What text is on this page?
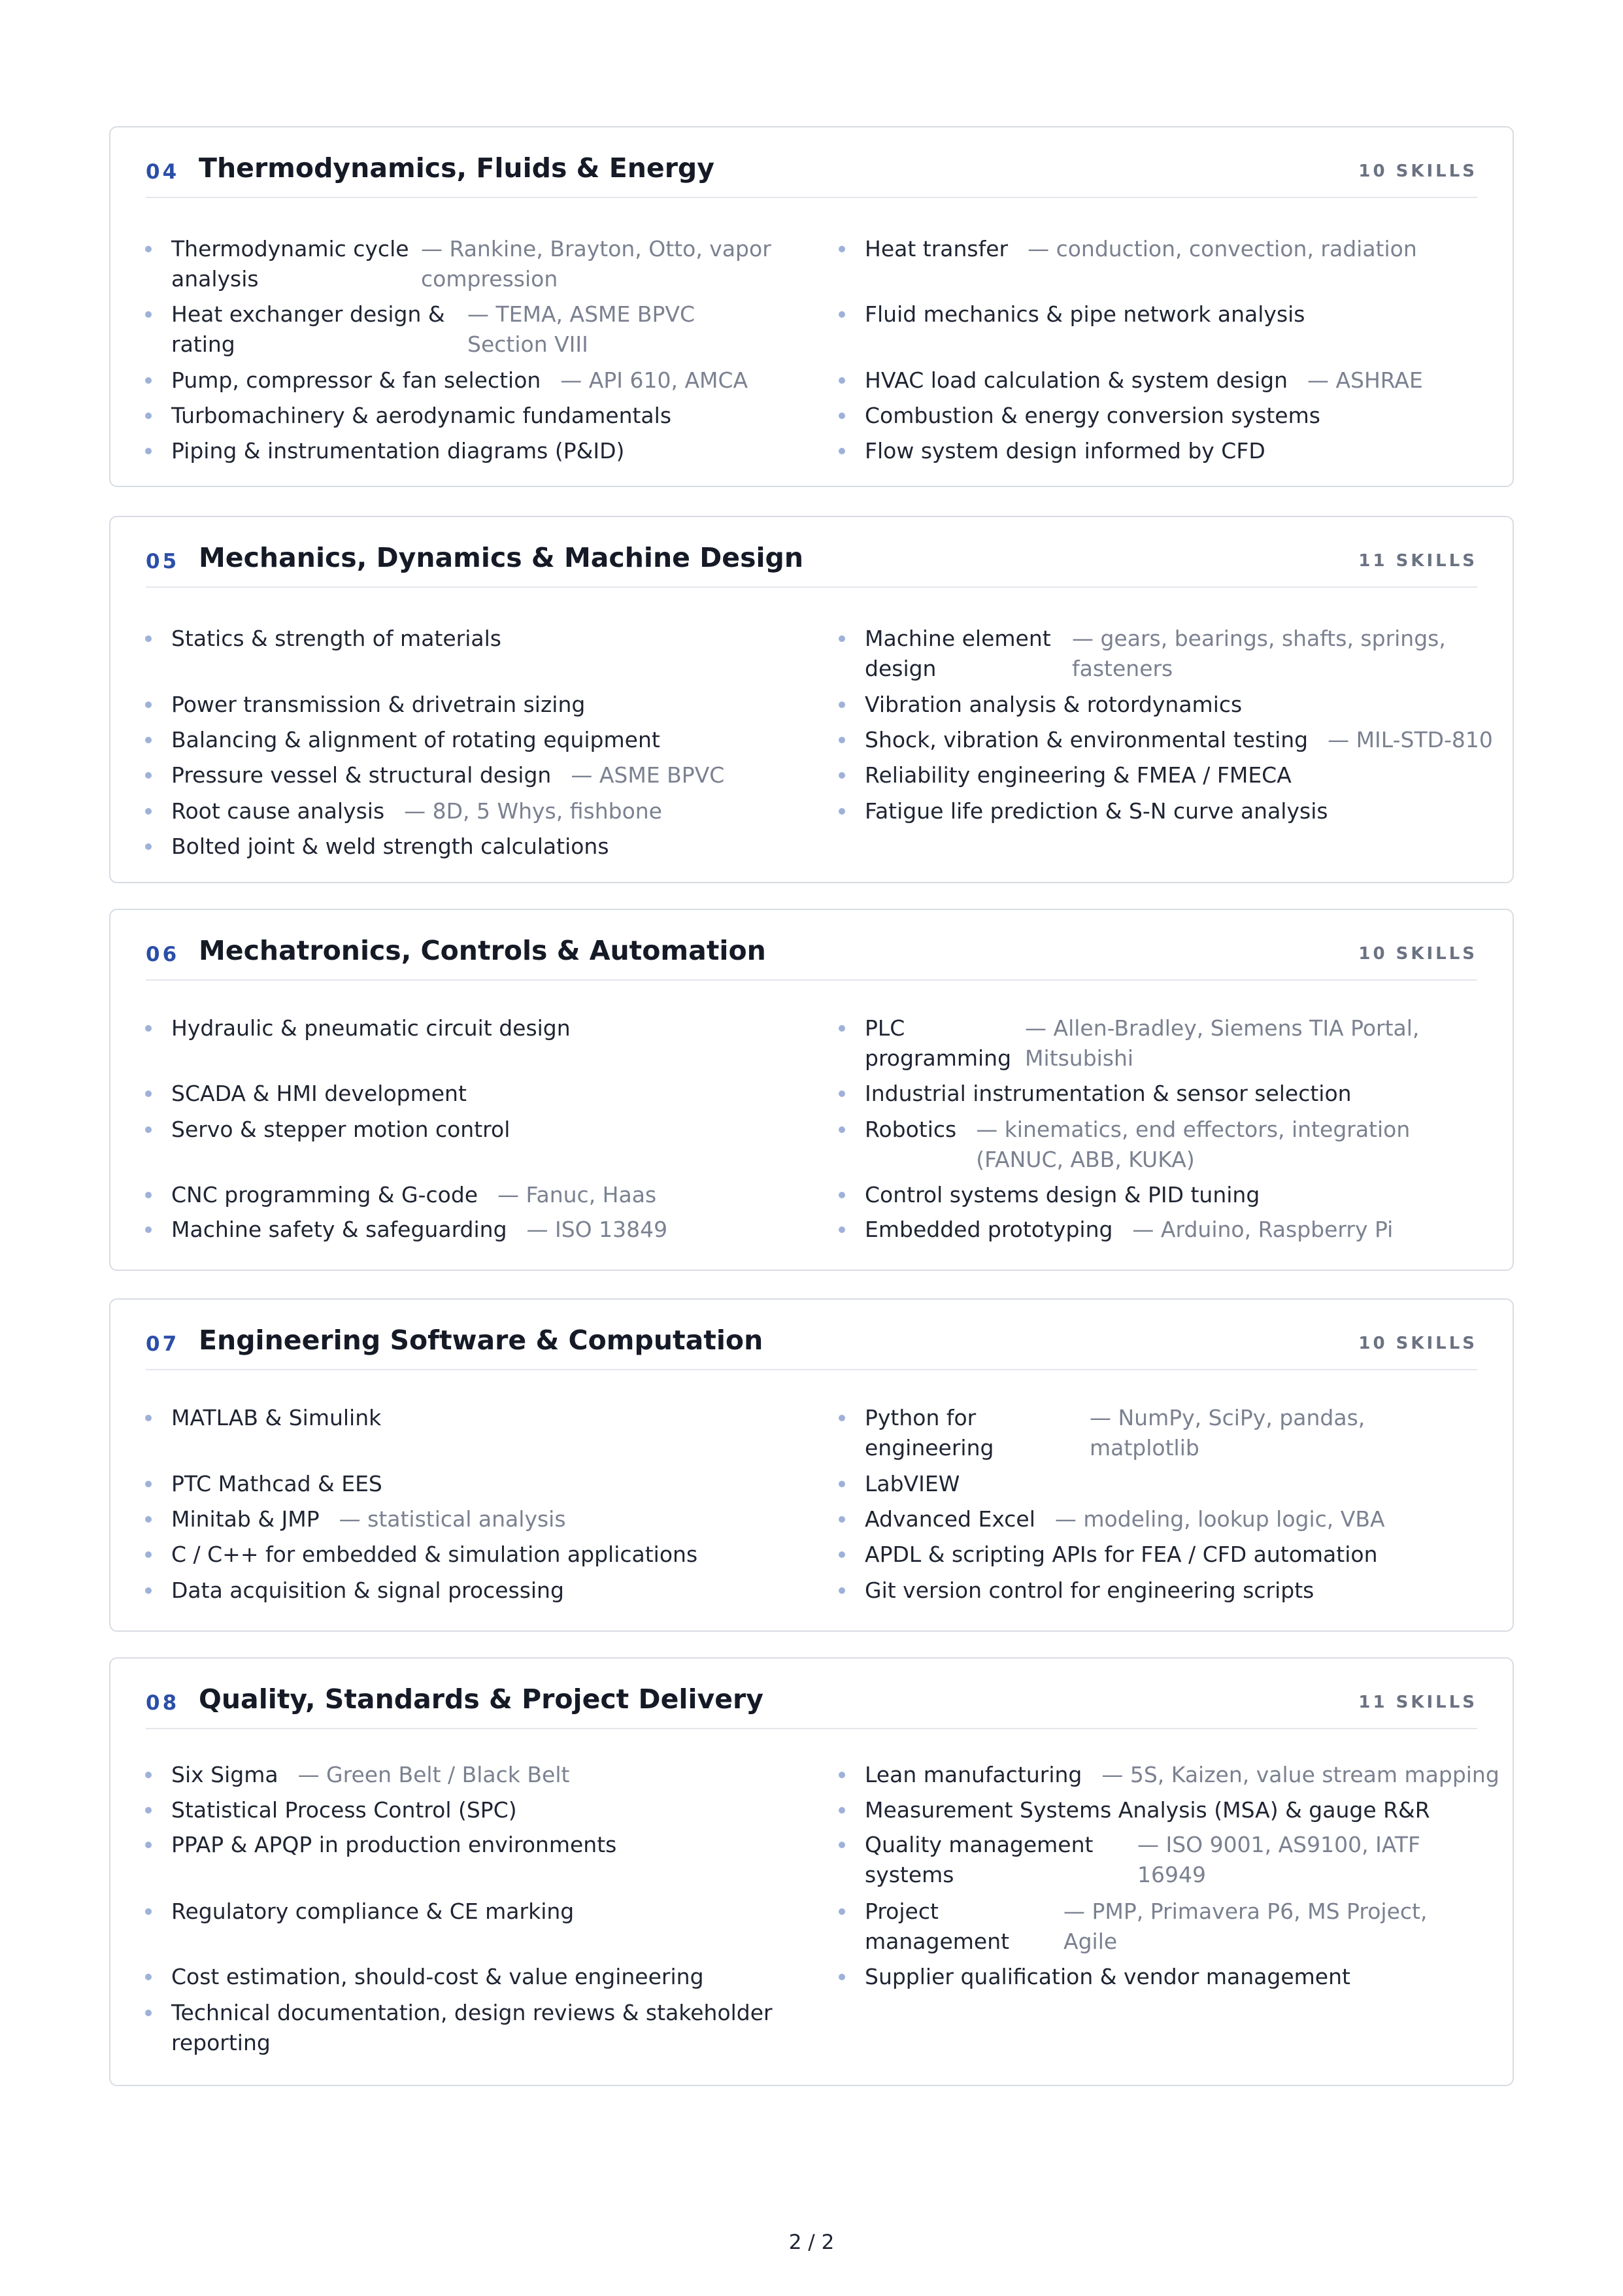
04 Thermodynamics, Fluids & Energy	10 SKILLS
Thermodynamic cycle
analysis
— Rankine, Brayton, Otto, vapor
compression
Heat exchanger design &
rating
— TEMA, ASME BPVC
Section VIII
Pump, compressor & fan selection — API 610, AMCA
Turbomachinery & aerodynamic fundamentals
Piping & instrumentation diagrams (P&ID)
Heat transfer — conduction, convection, radiation
Fluid mechanics & pipe network analysis
HVAC load calculation & system design — ASHRAE
Combustion & energy conversion systems
Flow system design informed by CFD
05 Mechanics, Dynamics & Machine Design	11 SKILLS
Statics & strength of materials
Power transmission & drivetrain sizing
Balancing & alignment of rotating equipment
Pressure vessel & structural design — ASME BPVC
Root cause analysis — 8D, 5 Whys, fishbone
Bolted joint & weld strength calculations
Machine element
design
— gears, bearings, shafts, springs,
fasteners
Vibration analysis & rotordynamics
Shock, vibration & environmental testing — MIL-STD-810
Reliability engineering & FMEA / FMECA
Fatigue life prediction & S-N curve analysis
06 Mechatronics, Controls & Automation	10 SKILLS
Hydraulic & pneumatic circuit design
SCADA & HMI development
Servo & stepper motion control
CNC programming & G-code — Fanuc, Haas
Machine safety & safeguarding — ISO 13849
PLC
programming
— Allen-Bradley, Siemens TIA Portal,
Mitsubishi
Industrial instrumentation & sensor selection
Robotics — kinematics, end effectors, integration
(FANUC, ABB, KUKA)
Control systems design & PID tuning
Embedded prototyping — Arduino, Raspberry Pi
07 Engineering Software & Computation	10 SKILLS
MATLAB & Simulink
PTC Mathcad & EES
Minitab & JMP — statistical analysis
C / C++ for embedded & simulation applications
Data acquisition & signal processing
Python for
engineering
— NumPy, SciPy, pandas,
matplotlib
LabVIEW
Advanced Excel — modeling, lookup logic, VBA
APDL & scripting APIs for FEA / CFD automation
Git version control for engineering scripts
08 Quality, Standards & Project Delivery	11 SKILLS
Six Sigma — Green Belt / Black Belt
Statistical Process Control (SPC)
PPAP & APQP in production environments
Regulatory compliance & CE marking
Cost estimation, should-cost & value engineering
Technical documentation, design reviews & stakeholder
reporting
Lean manufacturing — 5S, Kaizen, value stream mapping
Measurement Systems Analysis (MSA) & gauge R&R
Quality management
systems
— ISO 9001, AS9100, IATF
16949
Project
management
— PMP, Primavera P6, MS Project,
Agile
Supplier qualification & vendor management
2 / 2
